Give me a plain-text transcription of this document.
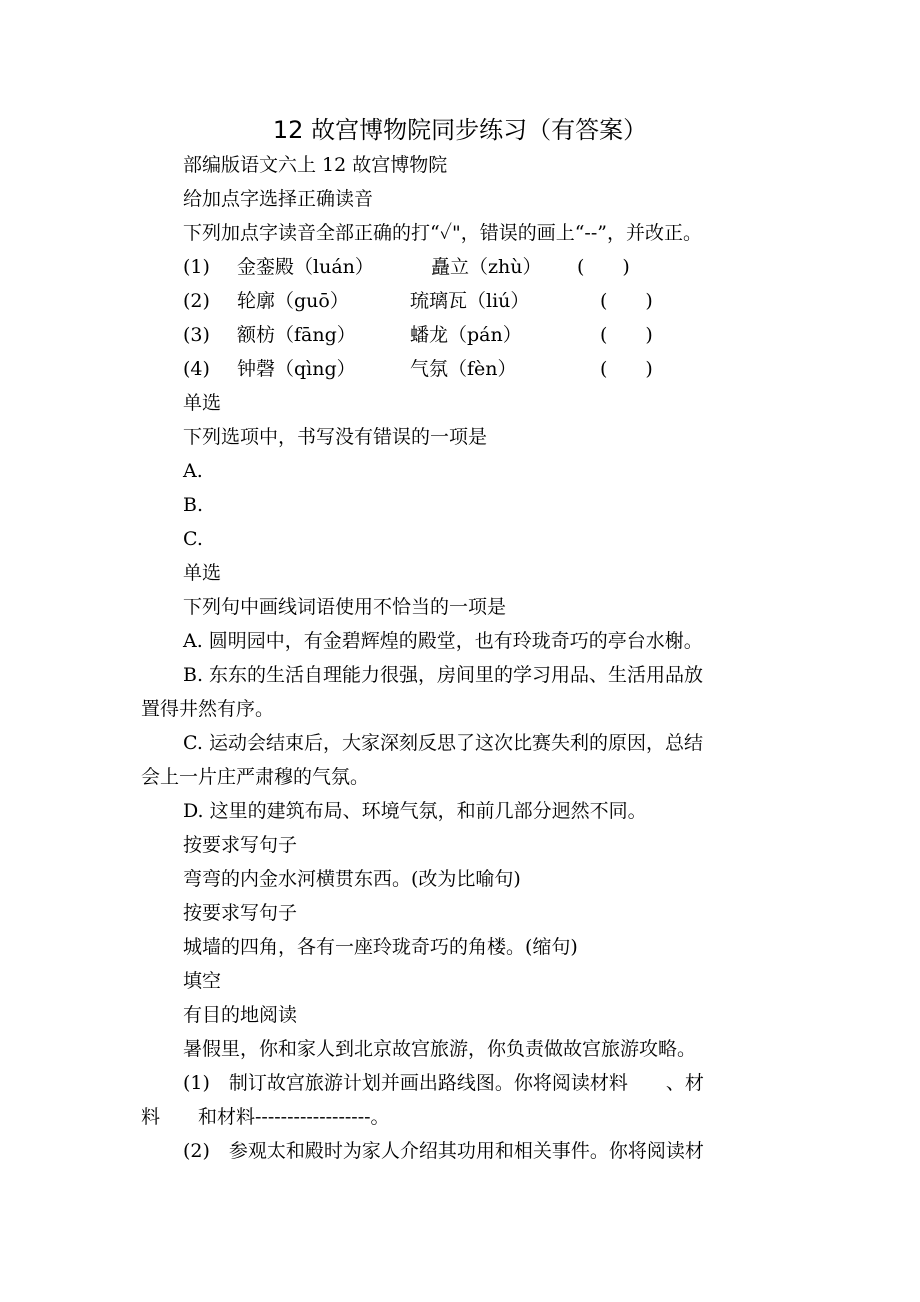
12 故宫博物院同步练习（有答案）
部编版语文六上 12 故宫博物院
给加点字选择正确读音
下列加点字读音全部正确的打“✓"，错误的画上“--”，并改正。
(1) 金銮殿（luán）	矗立（zhù） (　　)
(2) 轮廓（guō）	琉璃瓦（liú）	(　　)
(3) 额枋（fāng）	蟠龙（pán）	(　　)
(4) 钟磬（qìng）	气氛（fèn）	(　　)
单选
下列选项中，书写没有错误的一项是
A.
B.
C.
单选
下列句中画线词语使用不恰当的一项是
A. 圆明园中，有金碧辉煌的殿堂，也有玲珑奇巧的亭台水榭。
B. 东东的生活自理能力很强，房间里的学习用品、生活用品放
置得井然有序。
C. 运动会结束后，大家深刻反思了这次比赛失利的原因，总结
会上一片庄严肃穆的气氛。
D. 这里的建筑布局、环境气氛，和前几部分迥然不同。
按要求写句子
弯弯的内金水河横贯东西。(改为比喻句)
按要求写句子
城墙的四角，各有一座玲珑奇巧的角楼。(缩句)
填空
有目的地阅读
暑假里，你和家人到北京故宫旅游，你负责做故宫旅游攻略。
(1)　制订故宫旅游计划并画出路线图。你将阅读材料　　、材
料　　和材料------------------。
(2)　参观太和殿时为家人介绍其功用和相关事件。你将阅读材
